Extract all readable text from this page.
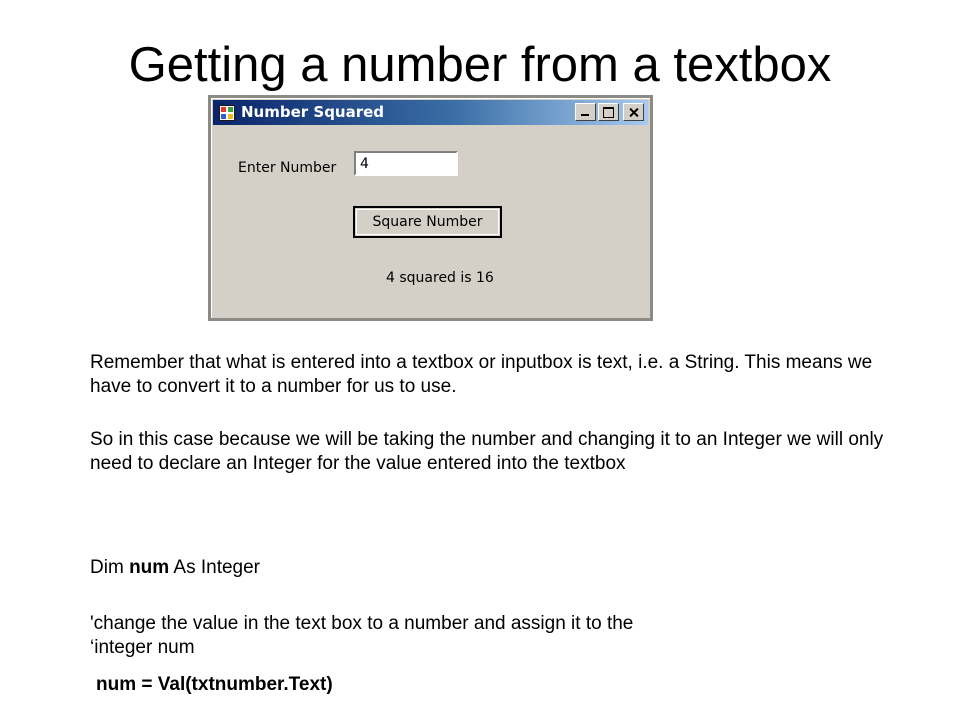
Getting a number from a textbox
Number Squared
Enter Number
4
Square Number
4 squared is 16
Remember that what is entered into a textbox or inputbox is text, i.e. a String. This means we have to convert it to a number for us to use.
So in this case because we will be taking the number and changing it to an Integer we will only need to declare an Integer for the value entered into the textbox
Dim num As Integer
'change the value in the text box to a number and assign it to the
‘integer num
num = Val(txtnumber.Text)
